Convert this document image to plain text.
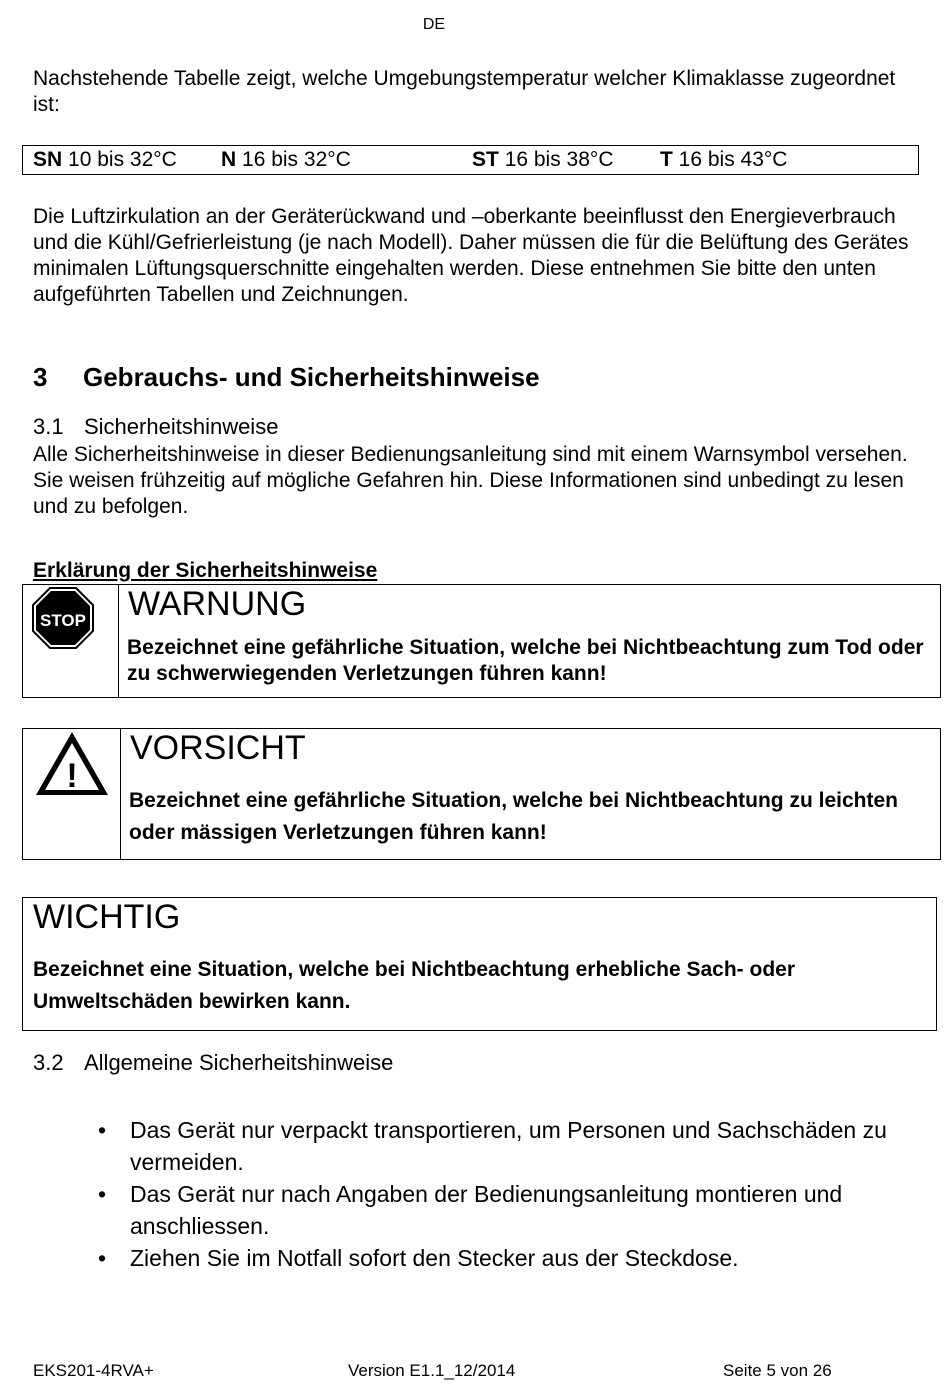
DE
Nachstehende Tabelle zeigt, welche Umgebungstemperatur welcher Klimaklasse zugeordnet ist:
SN 10 bis 32°C N 16 bis 32°C	ST 16 bis 38°C T 16 bis 43°C
Die Luftzirkulation an der Geräterückwand und –oberkante beeinflusst den Energieverbrauch und die Kühl/Gefrierleistung (je nach Modell). Daher müssen die für die Belüftung des Gerätes minimalen Lüftungsquerschnitte eingehalten werden. Diese entnehmen Sie bitte den unten aufgeführten Tabellen und Zeichnungen.
3 Gebrauchs- und Sicherheitshinweise
3.1 Sicherheitshinweise
Alle Sicherheitshinweise in dieser Bedienungsanleitung sind mit einem Warnsymbol versehen. Sie weisen frühzeitig auf mögliche Gefahren hin. Diese Informationen sind unbedingt zu lesen und zu befolgen.
Erklärung der Sicherheitshinweise
STOP WARNUNG
Bezeichnet eine gefährliche Situation, welche bei Nichtbeachtung zum Tod oder zu schwerwiegenden Verletzungen führen kann!
!
VORSICHT
Bezeichnet eine gefährliche Situation, welche bei Nichtbeachtung zu leichten oder mässigen Verletzungen führen kann!
WICHTIG
Bezeichnet eine Situation, welche bei Nichtbeachtung erhebliche Sach- oder Umweltschäden bewirken kann.
3.2 Allgemeine Sicherheitshinweise
• Das Gerät nur verpackt transportieren, um Personen und Sachschäden zu vermeiden.
• Das Gerät nur nach Angaben der Bedienungsanleitung montieren und anschliessen.
• Ziehen Sie im Notfall sofort den Stecker aus der Steckdose.
EKS201-4RVA+	Version E1.1_12/2014	Seite 5 von 26
